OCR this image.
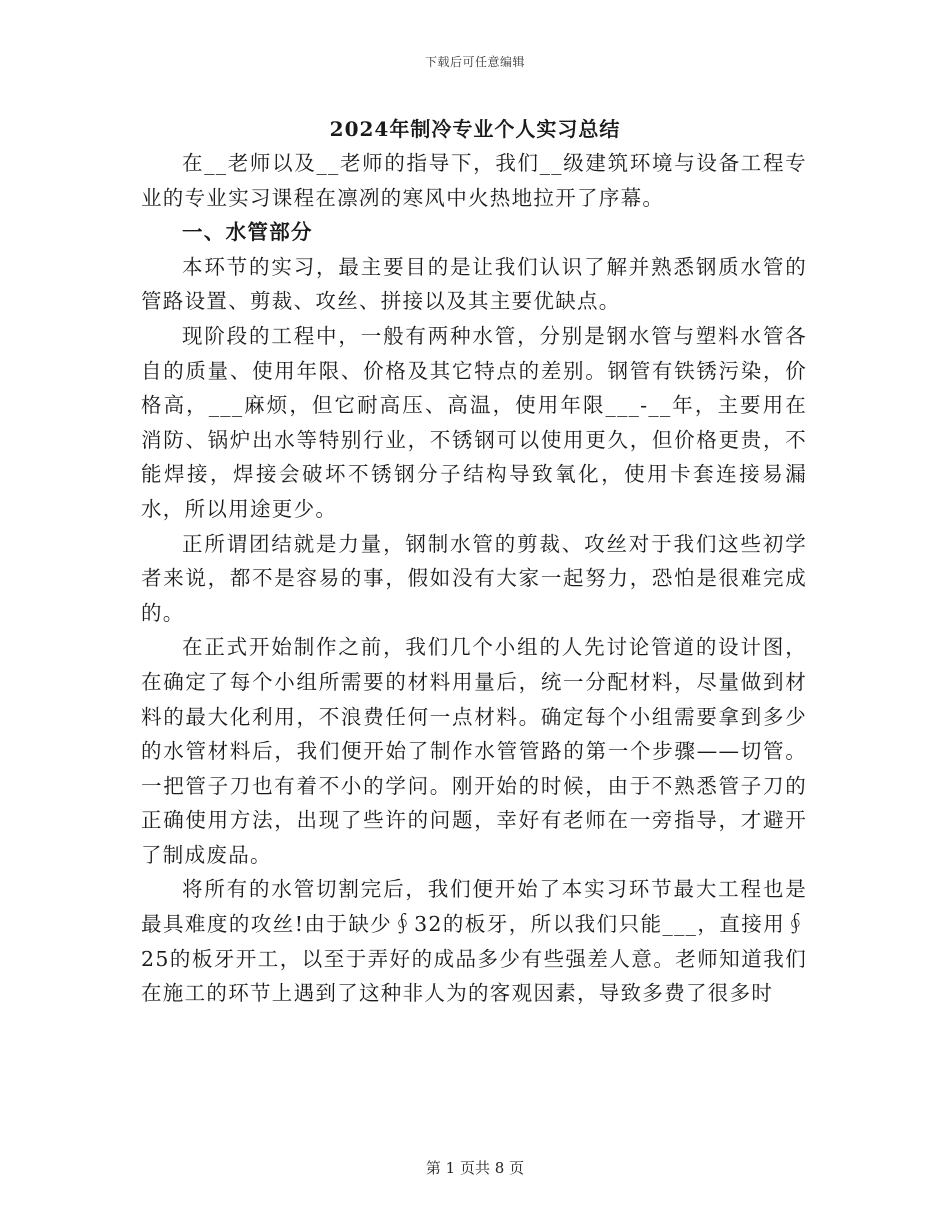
下载后可任意编辑
2024年制冷专业个人实习总结

在__老师以及__老师的指导下，我们__级建筑环境与设备工程专业的专业实习课程在凛冽的寒风中火热地拉开了序幕。

一、水管部分

本环节的实习，最主要目的是让我们认识了解并熟悉钢质水管的管路设置、剪裁、攻丝、拼接以及其主要优缺点。

现阶段的工程中，一般有两种水管，分别是钢水管与塑料水管各自的质量、使用年限、价格及其它特点的差别。钢管有铁锈污染，价格高，___麻烦，但它耐高压、高温，使用年限___-__年，主要用在消防、锅炉出水等特别行业，不锈钢可以使用更久，但价格更贵，不能焊接，焊接会破坏不锈钢分子结构导致氧化，使用卡套连接易漏水，所以用途更少。

正所谓团结就是力量，钢制水管的剪裁、攻丝对于我们这些初学者来说，都不是容易的事，假如没有大家一起努力，恐怕是很难完成的。

在正式开始制作之前，我们几个小组的人先讨论管道的设计图，在确定了每个小组所需要的材料用量后，统一分配材料，尽量做到材料的最大化利用，不浪费任何一点材料。确定每个小组需要拿到多少的水管材料后，我们便开始了制作水管管路的第一个步骤——切管。一把管子刀也有着不小的学问。刚开始的时候，由于不熟悉管子刀的正确使用方法，出现了些许的问题，幸好有老师在一旁指导，才避开了制成废品。

将所有的水管切割完后，我们便开始了本实习环节最大工程也是最具难度的攻丝!由于缺少∮32的板牙，所以我们只能___，直接用∮25的板牙开工，以至于弄好的成品多少有些强差人意。老师知道我们在施工的环节上遇到了这种非人为的客观因素，导致多费了很多时

第 1 页共 8 页
